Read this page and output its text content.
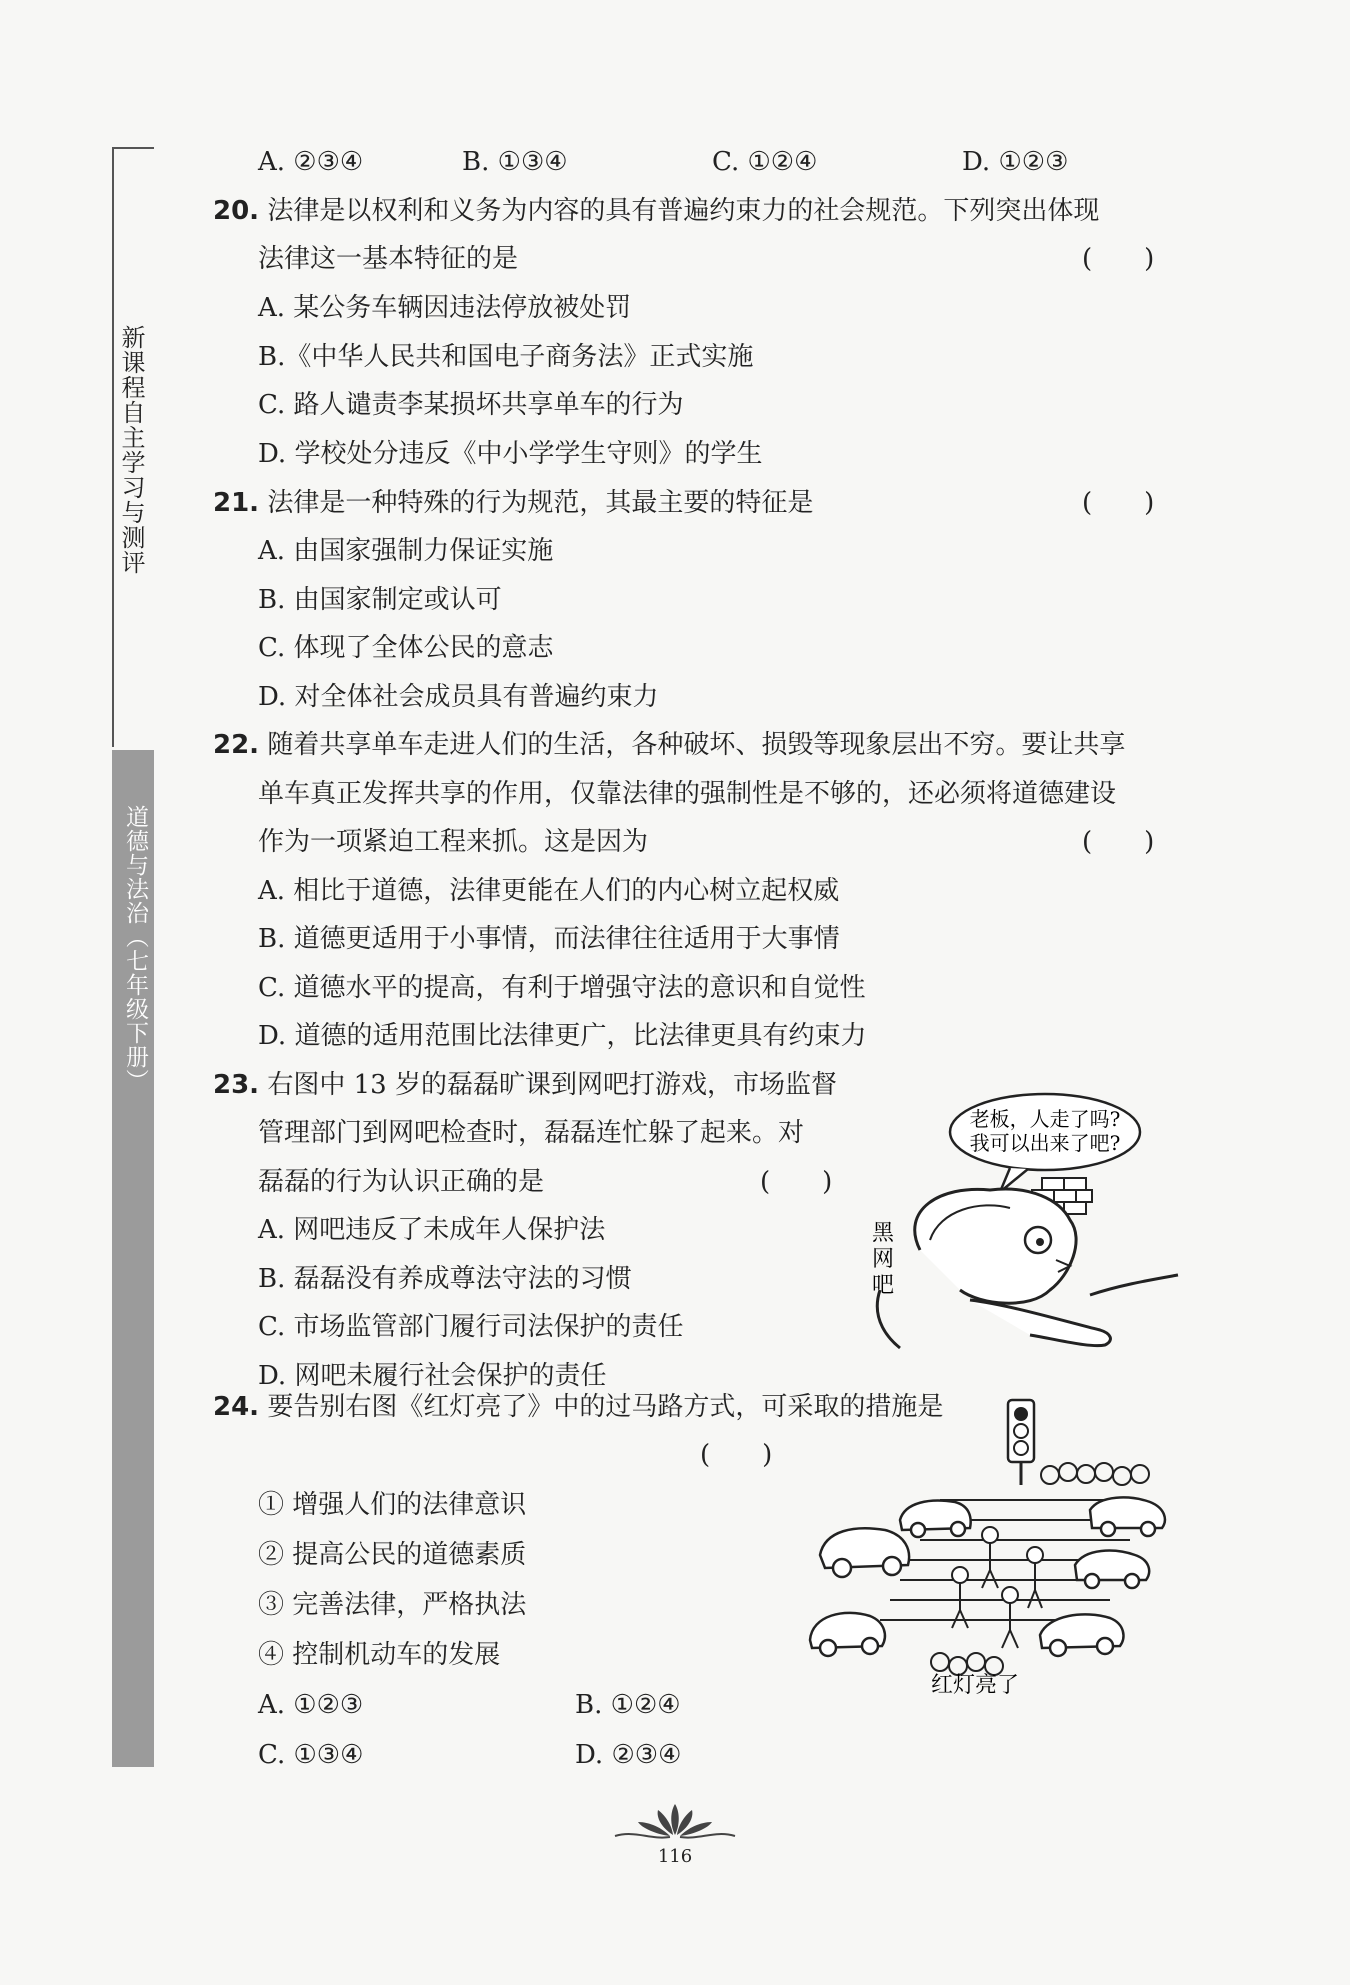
新课程自主学习与测评
道德与法治（七年级下册）
A. ②③④	B. ①③④	C. ①②④	D. ①②③
20. 法律是以权利和义务为内容的具有普遍约束力的社会规范。下列突出体现
法律这一基本特征的是	(　　)
A. 某公务车辆因违法停放被处罚
B.《中华人民共和国电子商务法》正式实施
C. 路人谴责李某损坏共享单车的行为
D. 学校处分违反《中小学学生守则》的学生
21. 法律是一种特殊的行为规范，其最主要的特征是	(　　)
A. 由国家强制力保证实施
B. 由国家制定或认可
C. 体现了全体公民的意志
D. 对全体社会成员具有普遍约束力
22. 随着共享单车走进人们的生活，各种破坏、损毁等现象层出不穷。要让共享
单车真正发挥共享的作用，仅靠法律的强制性是不够的，还必须将道德建设
作为一项紧迫工程来抓。这是因为	(　　)
A. 相比于道德，法律更能在人们的内心树立起权威
B. 道德更适用于小事情，而法律往往适用于大事情
C. 道德水平的提高，有利于增强守法的意识和自觉性
D. 道德的适用范围比法律更广，比法律更具有约束力
23. 右图中 13 岁的磊磊旷课到网吧打游戏，市场监督
管理部门到网吧检查时，磊磊连忙躲了起来。对
磊磊的行为认识正确的是	(　　)
A. 网吧违反了未成年人保护法
B. 磊磊没有养成尊法守法的习惯
C. 市场监管部门履行司法保护的责任
D. 网吧未履行社会保护的责任
老板，人走了吗?
我可以出来了吧?
黑
网
吧
24. 要告别右图《红灯亮了》中的过马路方式，可采取的措施是
(　　)
① 增强人们的法律意识
② 提高公民的道德素质
③ 完善法律，严格执法
④ 控制机动车的发展
A. ①②③	B. ①②④
C. ①③④	D. ②③④
红灯亮了
116
